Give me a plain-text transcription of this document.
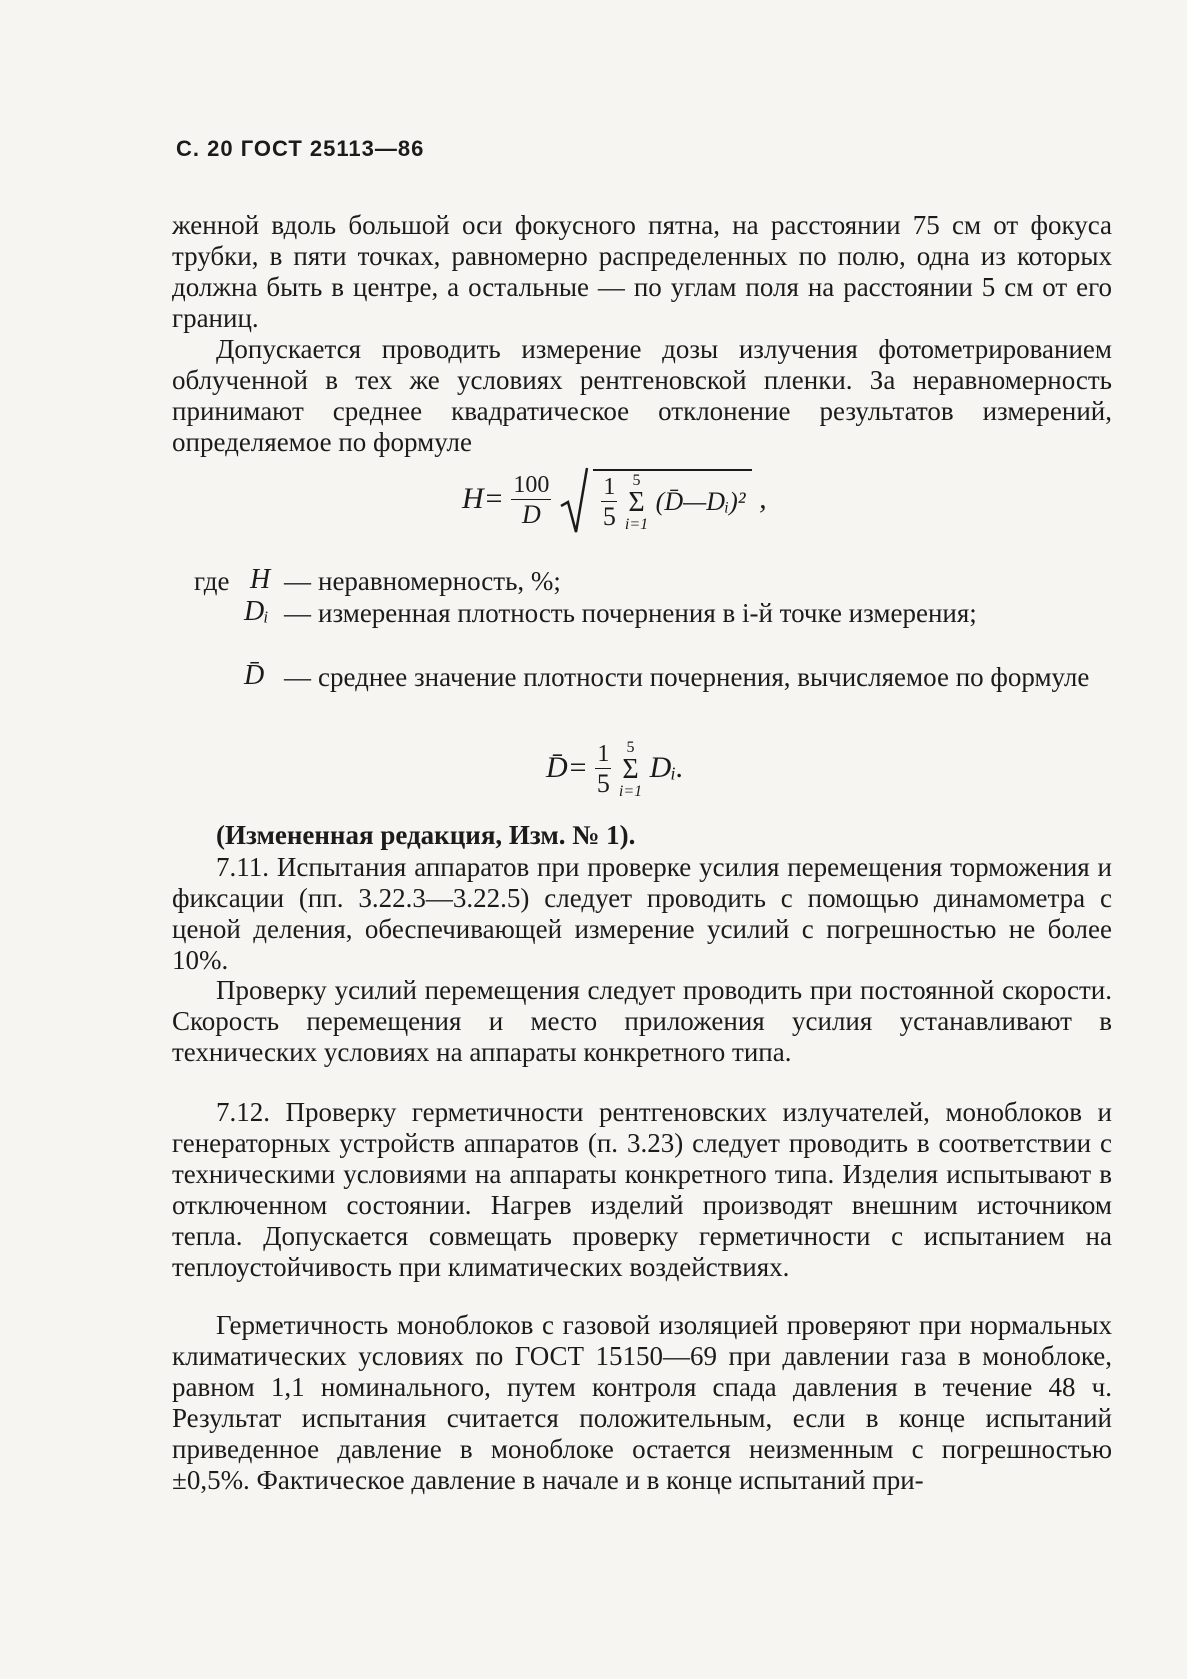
С. 20 ГОСТ 25113—86
женной вдоль большой оси фокусного пятна, на расстоянии 75 см от фокуса трубки, в пяти точках, равномерно распределенных по полю, одна из которых должна быть в центре, а остальные — по углам поля на расстоянии 5 см от его границ.
Допускается проводить измерение дозы излучения фотометрированием облученной в тех же условиях рентгеновской пленки. За неравномерность принимают среднее квадратическое отклонение результатов измерений, определяемое по формуле
$H= \frac{100}{D}$
$\frac{1}{5}$
5
Σ
i=1
(D̄—Dᵢ)² ,
где H — неравномерность, %;
Dᵢ — измеренная плотность почернения в i-й точке измерения;
D̄ — среднее значение плотности почернения, вычисляемое по формуле
D̄= $\frac{1}{5}$
5
Σ
i=1
Dᵢ.
(Измененная редакция, Изм. № 1).
7.11. Испытания аппаратов при проверке усилия перемещения торможения и фиксации (пп. 3.22.3—3.22.5) следует проводить с помощью динамометра с ценой деления, обеспечивающей измерение усилий с погрешностью не более 10%.
Проверку усилий перемещения следует проводить при постоянной скорости. Скорость перемещения и место приложения усилия устанавливают в технических условиях на аппараты конкретного типа.
7.12. Проверку герметичности рентгеновских излучателей, моноблоков и генераторных устройств аппаратов (п. 3.23) следует проводить в соответствии с техническими условиями на аппараты конкретного типа. Изделия испытывают в отключенном состоянии. Нагрев изделий производят внешним источником тепла. Допускается совмещать проверку герметичности с испытанием на теплоустойчивость при климатических воздействиях.
Герметичность моноблоков с газовой изоляцией проверяют при нормальных климатических условиях по ГОСТ 15150—69 при давлении газа в моноблоке, равном 1,1 номинального, путем контроля спада давления в течение 48 ч. Результат испытания считается положительным, если в конце испытаний приведенное давление в моноблоке остается неизменным с погрешностью ±0,5%. Фактическое давление в начале и в конце испытаний при-
